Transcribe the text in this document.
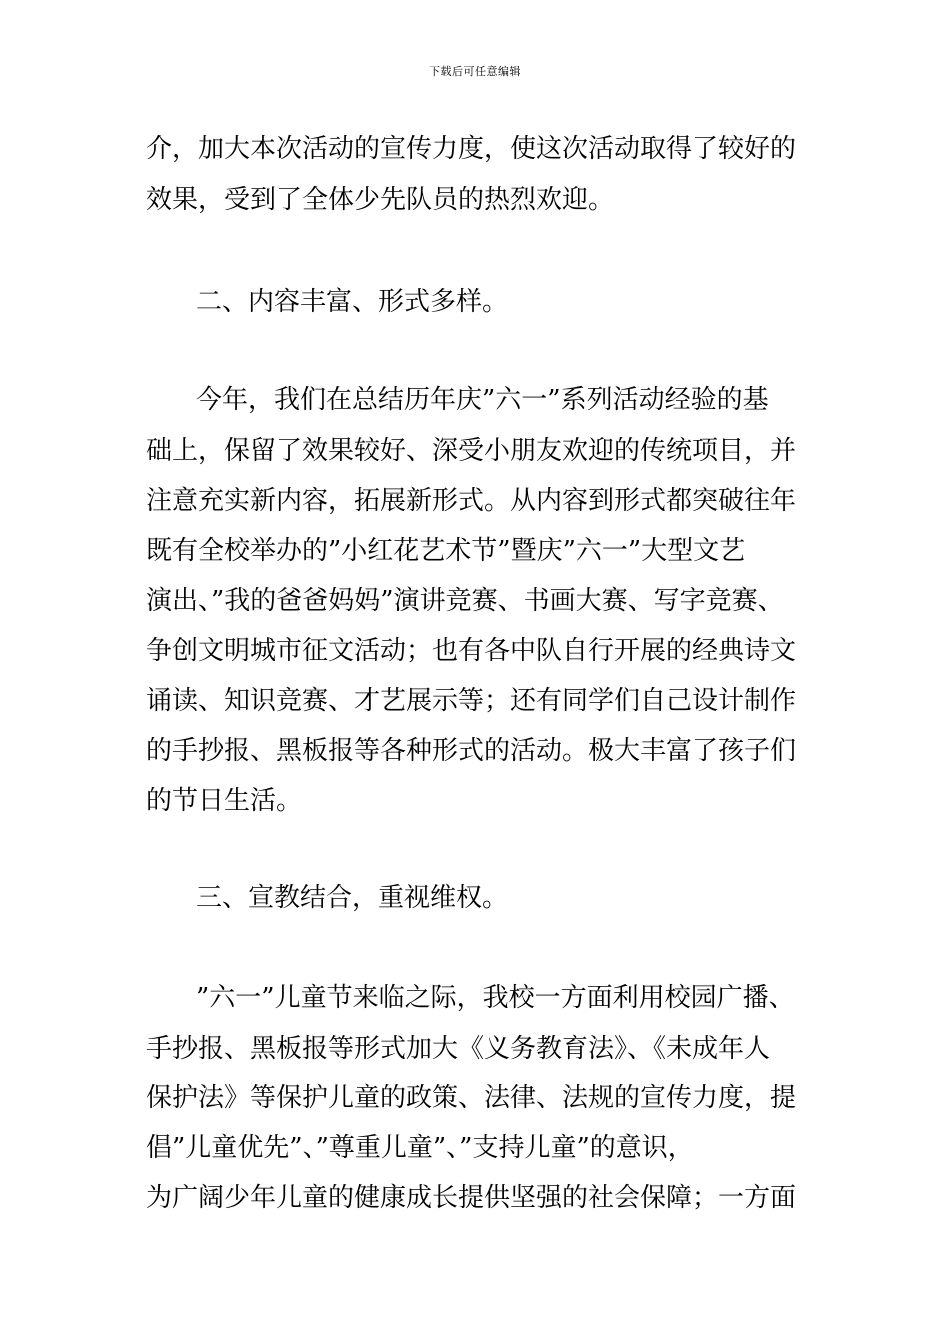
下载后可任意编辑
介，加大本次活动的宣传力度，使这次活动取得了较好的
效果，受到了全体少先队员的热烈欢迎。
二、内容丰富、形式多样。
今年，我们在总结历年庆”六一”系列活动经验的基
础上，保留了效果较好、深受小朋友欢迎的传统项目，并
注意充实新内容，拓展新形式。从内容到形式都突破往年
既有全校举办的”小红花艺术节”暨庆”六一”大型文艺
演出、”我的爸爸妈妈”演讲竞赛、书画大赛、写字竞赛、
争创文明城市征文活动；也有各中队自行开展的经典诗文
诵读、知识竞赛、才艺展示等；还有同学们自己设计制作
的手抄报、黑板报等各种形式的活动。极大丰富了孩子们
的节日生活。
三、宣教结合，重视维权。
”六一”儿童节来临之际，我校一方面利用校园广播、
手抄报、黑板报等形式加大《义务教育法》、《未成年人
保护法》等保护儿童的政策、法律、法规的宣传力度，提
倡”儿童优先”、”尊重儿童”、”支持儿童”的意识，
为广阔少年儿童的健康成长提供坚强的社会保障；一方面
